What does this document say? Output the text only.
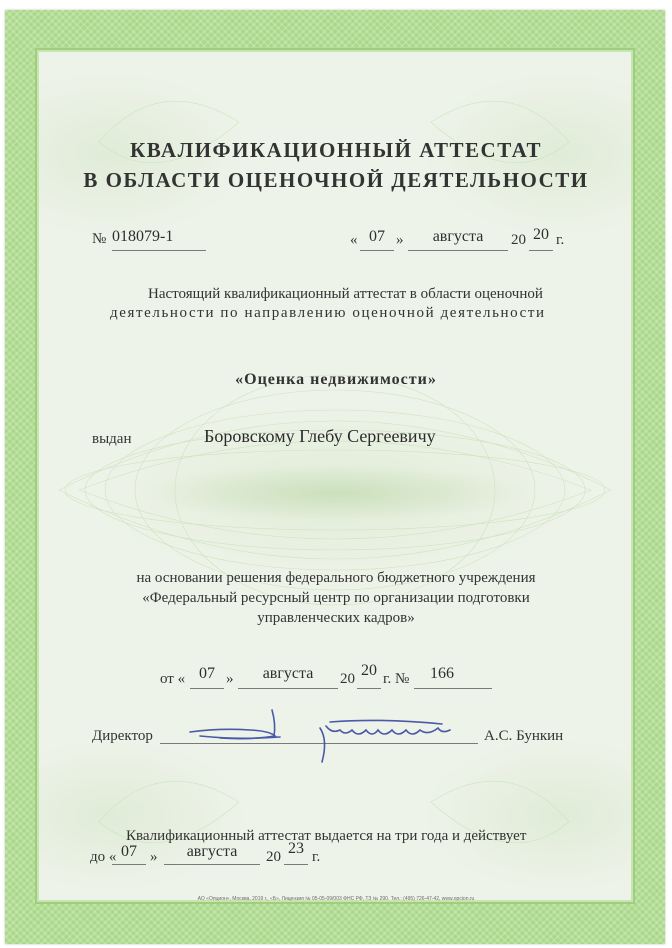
КВАЛИФИКАЦИОННЫЙ АТТЕСТАТ
В ОБЛАСТИ ОЦЕНОЧНОЙ ДЕЯТЕЛЬНОСТИ
№ 018079-1	« 07 »	августа	20 20 г.
Настоящий квалификационный аттестат в области оценочной
деятельности по направлению оценочной деятельности
«Оценка недвижимости»
выдан	Боровскому Глебу Сергеевичу
на основании решения федерального бюджетного учреждения
«Федеральный ресурсный центр по организации подготовки
управленческих кадров»
от « 07 »	августа	20 20 г. №	166
Директор	А.С. Бункин
Квалификационный аттестат выдается на три года и действует
до « 07 »	августа	20 23 г.
АО «Опцион», Москва, 2019 г., «Б», Лицензия № 05-05-09/003 ФНС РФ, ТЗ № 290. Тел.: (495) 726-47-42, www.opcion.ru
